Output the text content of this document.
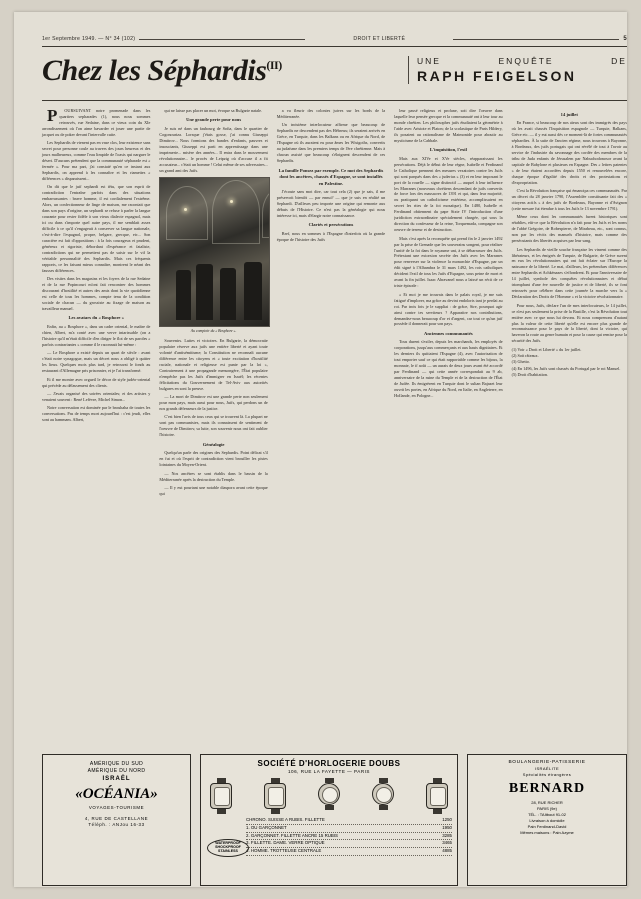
1er Septembre 1949. — N° 34 (102)	DROIT ET LIBERTÉ	5
Chez les Séphardis$^{(II)}$	UNE	ENQUÊTE	DE
RAPH FEIGELSON

POURSUIVANT notre promenade dans les quartiers sepharades (1), nous nous sommes retrouvés, rue Sedaine, dans ce vieux coin du XIe arrondissement où l'on aime bavarder et jouer une partie de jacquet ou de poker devant l'intervalle cuite.

Les Sephardis de vienent pas en vase clos, leur existence sans secret pour personne coule au travers des jours heureux et des jours malheureux, comme l'eau limpide de l'oasis qui narguer le désert. D'aucuns prétendent que la communauté sépharade est « fermée ». Pour ma part, j'ai constaté qu'en ce instant aux Sephardis, on apprend à les connaître et les riamettes « différences » disparaissent...

On dit que le juif sephardi est têtu, que son esprit de contradiction l'entraîne parfois dans des situations embarrassantes : brave homme, il est cordialement l'extrême. Alors, un confectionneur de linge de maison, me racontait que dans son pays d'origine, un sephardi se refuse à parler la langue courante pour rester fidèle à son vieux dialecte espagnol, mais ici ou dans s'importe quel autre pays, il me semblait assez difficile à ce qu'il s'engageait à conserver sa langue nationale, c'est-à-dire l'espagnol, propre, belgare, grecque, etc... Son caractère est fait d'oppositions : à la fois courageux et prudent, généreux et rigoriste, débordant d'espérance et fataliste, contradictions qui ne permettent pas de saisir sur le vif la véritable personnalité des Sephardis. Mais ces fréquents rapports, ce les faisant mieux connaître, montrent le néant des fausses différences.

Des visites dans les magasins et les foyers de la rue Sedaine et de la rue Popincourt m'ont fait rencontrer des hommes discourant d'hostilité et autres des amis dont la vie quotidienne est celle de tous les hommes, compte tenu de la condition sociale de chacun — du grossiste au fixage de maison au travailleur manuel.

Les avatars du « Bosphore »

Enfin, au « Bosphore », dans un cadre oriental, le maître de chien, Albert, m'a conté avec une verve intarissable (on a l'histoire qu'il m'était difficile d'en diriger le flot de ses paroles « parfois contrariantes » comme il le raconnait lui-même :

— Le Bosphore a existé depuis un quart de siècle : avant c'était notre synagogue, mais un décret nous a obligé à quitter les lieux. Quelques mois plus tard, je retrouvai le fonds au restaurant d'Allemagne pris prisonnier, et je l'ai transformé.

Et il me montre avec orgueil le décor de style judéo-oriental qui précède au délassement des clients.

— J'avais organisé des soirées orientales; et des artistes y venaient souvent : René Lefèvre, Michel Simon...

Notre conversation est dominée par le brouhaha de toutes les conversations. Pas de temps mort aujourd'hui : c'est jeudi, elles sont au hammam. Albert,

qui ne laisse pas placer un mot, évoque sa Bulgarie natale.

Une grande perte pour nous

Je suis né dans un faubourg de Sofia, dans le quartier de Cogonouriza. Lorsque j'étais gosse, j'ai connu Giuseppi Dimitrov... Nous formions des bandes d'enfants, pauvres et insouciants, Giuseppi est parti en apprentissage dans une imprimerie... misère des années... Il entra dans le mouvement révolutionnaire... le procès de Leipzig où d'accuse il a fit accusateur... c'était un homme ! Celui même de ses adversaires... un grand ami des Juifs.

Au comptoir du « Bosphore ».

Souvenirs. Luttes et victoires. En Bulgarie, la démocratie populaire réserve aux juifs une entière liberté et ayant toute volonté d'antisémitisme; la Constitution ne reconnaît aucune différence entre les citoyens et « toute excitation d'hostilité raciale, nationale et religieuse est punie par la loi », Contrairement à une propagande mensongère, l'État populaire n'empêche pas les Juifs d'immigrer en Israël; les récentes félicitations du Gouvernement de Tel-Aviv aux autorités bulgares en sont la preuve.

— La mort de Dimitrov est une grande perte non seulement pour mon pays, mais aussi pour nous, Juifs, qui perdons un de nos grands défenseurs de la justice.

C'est bien l'avis de tous ceux qui se trouvent là. La plupart ne sont pas communistes, mais ils connaissent de sentiment de l'oeuvre de Dimitrov, sa lutte, son souvenir nous ont fait oublier l'histoire.

Généalogie

Quelqu'un parle des origines des Sephardis. Point délicat s'il en fut et où l'esprit de contradiction vient brouiller les pistes lointaines du Moyen-Orient.

— Nos ancêtres se sont établis dans le bassin de la Méditerranée après la destruction du Temple.

— Il y eut pourtant une notable diaspora avant cette époque qui

a va fleurir des colonies juives sur les bords de la Méditerranée.

Un troisième interlocuteur affirme que beaucoup de Sephardis ne descendent pas des Hébreux; ils seraient arrivés en Grèce, en Turquie, dans les Balkans ou en Afrique du Nord, de l'Espagne où ils auraient eu pour âmes les Wisigoths, convertis au judaïsme dans les premiers temps de l'ère chrétienne. Mais à chacun assisté que beaucoup s'éloignent descendent de ces Sephardis.

La famille Ponsez par exemple. Ce mot des Sephardis dont les ancêtres, chassés d'Espagne, se sont installés en Palestine.

J'écoute sans mot dire, car tout cela (2) que je sais, il me préservoit bientôt — par ennui? — que je suis en réalité un Sephardi. D'ailleurs peu importe une origine qui remonte aux débuts de l'Histoire. Ce n'est pas la généalogie qui nous intéresse ici, mais d'élargir notre connaissance.

Clartés et persécutions

Bref, nous en sommes à l'Espagne d'interfois où la grande époque de l'histoire des Juifs

leur passé religieux et profane, soit dire l'oeuvre dans laquelle leur pensée grecque et la communauté ont à leur tour au monde chrétien. Les philosophes juifs étudiaient la géométrie à l'aide avec Aristote et Platon; de la scolastique de Paris Hildery, ils posaient au rationalisme de Maimonide pour aboutir au mysticisme de la Cabbale.

L'inquisition, l'exil

Mais aux XIVe et XVe siècles, réapparaissant les persécutions. Déjà le début de leur règne, Isabelle et Ferdinand le Catholique prennent des mesures vexatoires contre les Juifs qui sont parqués dans des « juderias » (3) et en leur imposant le port de la rouelle — signe distinctif — auquel à leur influence les Marranes (nouveaux chrétiens descendant de juifs convertis de force lors des massacres de 1391 et qui, dans leur majorité, ou pratiquant un catholicisme extérieur, accomplissaient en secret les rites de la foi mosaïque). En 1480, Isabelle et Ferdinand obtiennent du pape Sixte IV l'introduction d'une juridiction extraordinaire spécialement chargée, qui sous la direction du confesseur de la reine, Torquemada, compagne son oeuvre de terreur et de destruction.

Mais c'est après la reconquête qui prend fin le 2 janvier 1492 par la prise de Grenade que les souverains songent, pour réaliser l'unité de la foi dans le royaume uni, à se débarrasser des Juifs. Prétextant une extorsion secrète des Juifs avec les Marranes pour renverser sur la violence la monarchie d'Espagne, par un édit signé à l'Alhambra le 31 mars 1492, les rois catholiques décident l'exil de tous les Juifs d'Espagne, sous peine de mort et avant la fin juillet. Isaac Abravanel nous a laissé un récit de ce triste épisode :

« Et moi je me trouvais dans le palais royal, je me suis fatigué d'implorer, ma grâce au devint endoloris tant je perdai au roi. Par trois fois je le suppliai : de grâce, Sire, pourquoi agir ainsi contre tes serviteurs ? Apparaitre nos contributions, demandez-nous beaucoup d'or et d'argent, car tout ce qu'un juif possède il donnerait pour son pays.

Anciennes communautés

Tous durent s'exiler, depuis les marchands, les employés de corporations, jusqu'aux commerçants et aux hauts dignitaires. Et les derniers ils quittaient l'Espagne (4), avec l'autorisation de tout emporter sauf ce qui était rapportable comme les bijoux, la monnaie, le if août — un aurais de deux jours avant été accordé par Ferdinand — qui cette année correspondait au 9 ab, anniversaire de la ruine du Temple et de la destruction de l'État de Judée. Ils émigrèrent en Turquie dont le sultan Bajazet leur ouvrit les portes, en Afrique du Nord, en Italie, en Angleterre, en Hollande, en Pologne...

14 juillet

En France, si beaucoup de nos aïeux sont des immigrés des pays où les avait chassés l'Inquisition espagnole — Turquie, Balkans, Grèce etc. — il y eut aussi dès ce moment-là de fortes communautés séphardies. À la suite de l'ancien régime, nous trouvons à Bayonne, à Bordeaux, des juifs portugais qui ont révélé de tout à l'avoir au service de l'industrie du savonnage des cordée des membres de la tribu de Juda enfants de Jérusalem par Nabuchodonosor avant la capitale de Babylone et plusieurs en Espagne. Des « lettres patentes » de leur étaient accordées depuis 1550 et renouvelées encore, chaque époque d'égalité des droits et des protestations et d'expropriation.

C'est la Révolution française qui émancipa ces communautés. Par un décret du 28 janvier 1790, l'Assemblée constituante fait des « citoyens actifs » à des juifs de Bordeaux, Bayonne et d'Avignon (cette mesure fut étendue à tous les Juifs le 13 novembre 1791).

Même ceux dont les communautés furent historiques sont rétablies, eût-ce que la Révolution n'a fait pour les Juifs et les noms de l'abbé Grégoire, de Robespierre, de Mirabeau, etc., sont connus, non par les récits des manuels d'histoire, mais comme des persécutants des libertés acquises par leur sang.

Les Sephardis de vieille souche française les vinrent comme des libérateurs, et les émigrés de Turquie, de Bulgarie, de Grèce surent en eux les révolutionnaires qui ont fait éclater sur l'Europe la naissance de la liberté. Le mai, d'ailleurs, les prétendues différences entre Sephardis et Achkénazes s'effondrent. Et pour l'anniversaire de 14 juillet, symbole des conquêtes révolutionnaires et début triomphant d'une ère nouvelle de justice et de liberté, ils se font retrouvés pour célébrer dans cette journée la marche vers la « Déclaration des Droits de l'Homme » et la victoire révolutionnaire.

Pour nous, Juifs, déclare l'un de mes interlocuteurs, le 14 juillet, ce n'est pas seulement la prise de la Bastille, c'est la Révolution tout entière avec ce que nous lui devons. Et nous comprenons d'autant plus la valeur de cette liberté qu'elle est encore plus grande de reconnaissance pour le pays de la liberté, dont la victoire, qui haveron la route au genre humain et pour la cause qui remise pour la sécurité des Juifs.

(1) Voir « Droit et Liberté » du 1er juillet.
(2) Soit râteaux.
(3) Ghetto.
(4) En 1496, les Juifs sont chassés du Portugal par le roi Manuel.
(5) Droit d'habitation.
AMÉRIQUE DU SUD
AMÉRIQUE DU NORD
ISRAËL
«OCÉANIA»
VOYAGES-TOURISME
4, RUE DE CASTELLANE
Téléph. : ANJou 16-33
SOCIÉTÉ D'HORLOGERIE DOUBS
106, RUE LA FAYETTE — PARIS
WATERPROOF SHOCKPROOF STAINLESS
CHRONO. SUISSE A RUBIS. FILLETTE	1250
1. OU GARÇONNET	1950
2. GARÇONNET. FILLETTE ANCRE 15 RUBIS	3285
3. FILLETTE. DAME. VERRE OPTIQUE	3465
4. HOMME. TROTTEUSE CENTRALE	4885
BOULANGERIE-PATISSERIE
ISRAÉLITE
Spécialités étrangères
BERNARD
28, RUE RICHER
PARIS (9e)
TÉL. : TAItbout 91-02
Livraison à domicile
Pain Ferdinand-David
Mêmes maisons : Pain Azyme
